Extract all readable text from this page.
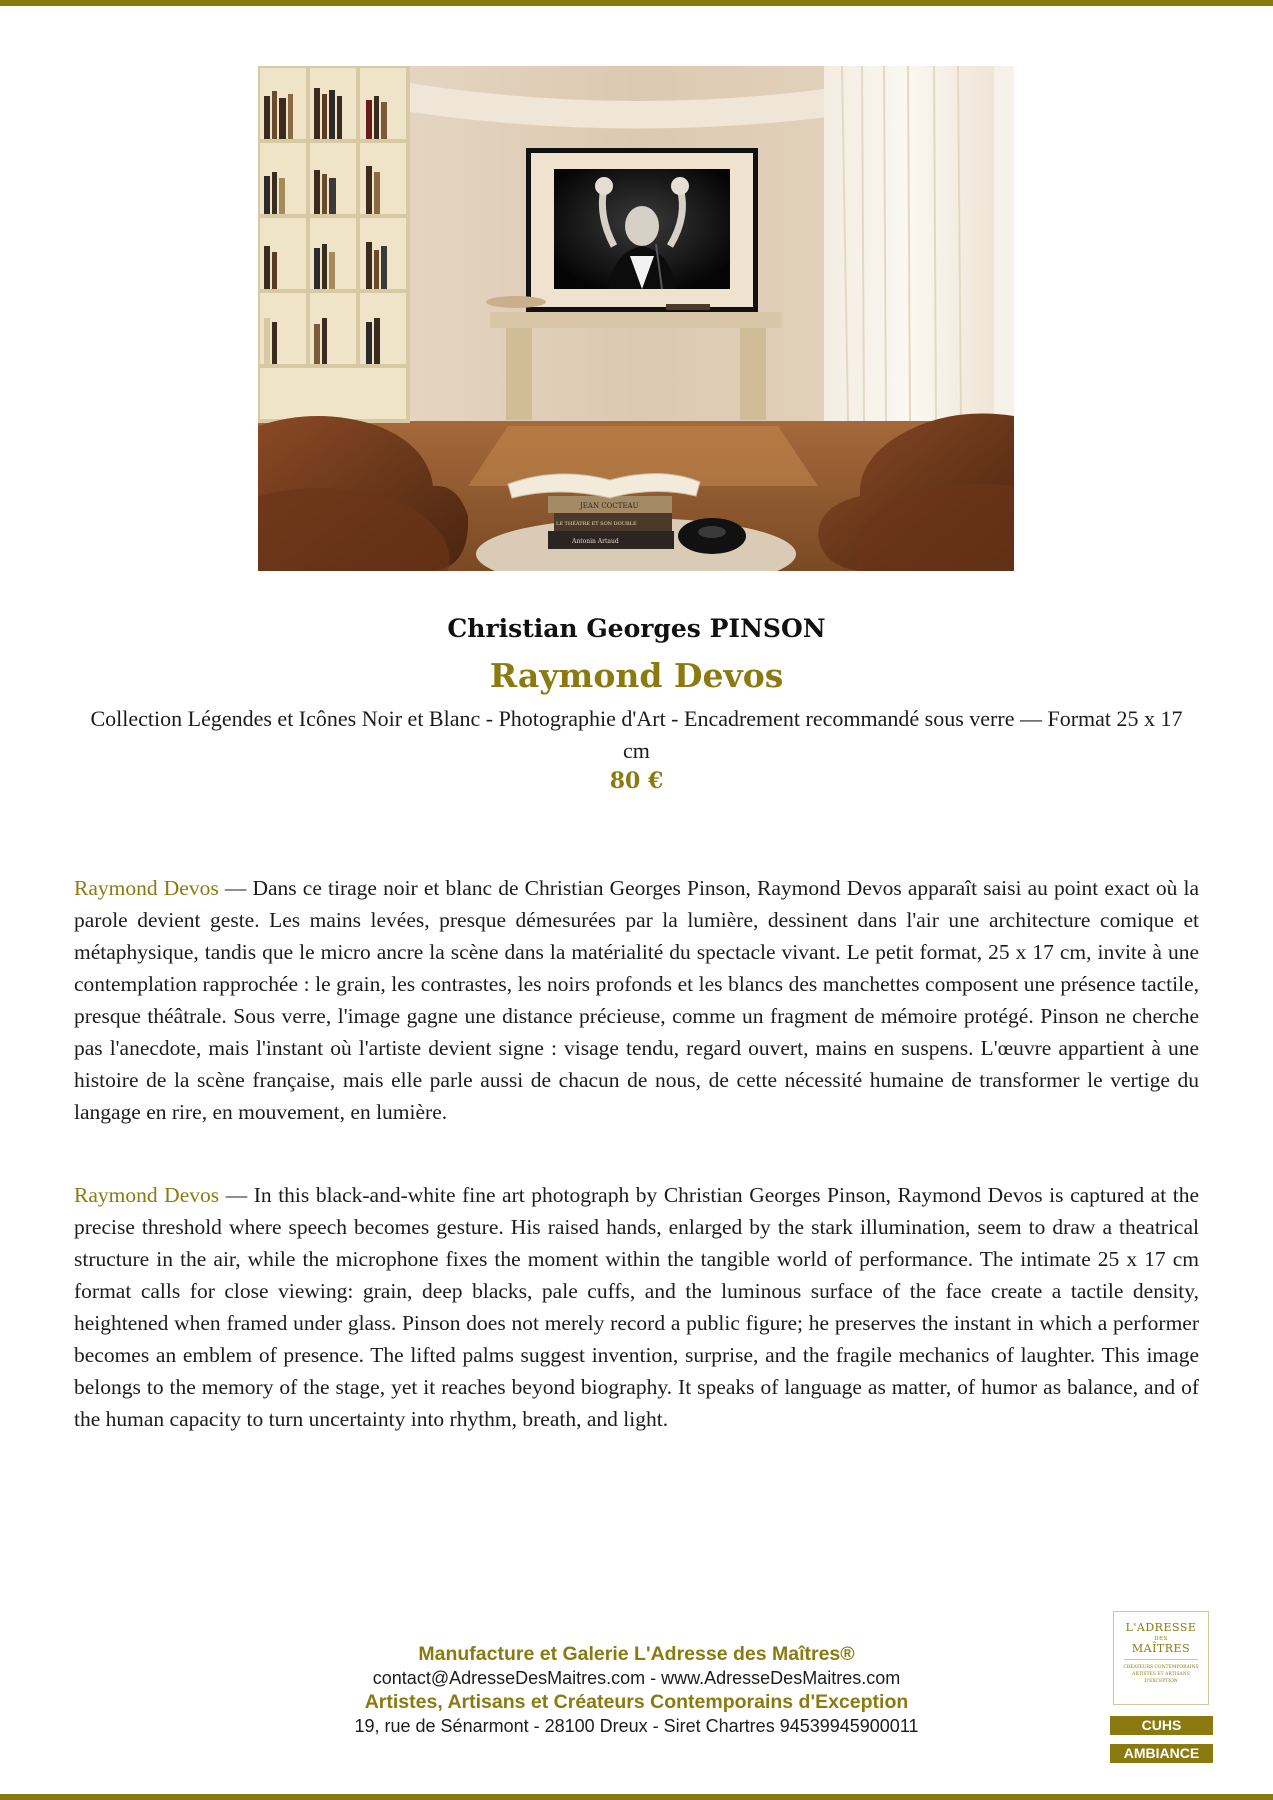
JEAN COCTEAU
LE THÉÂTRE ET SON DOUBLE
Antonin Artaud
Christian Georges PINSON
Raymond Devos
Collection Légendes et Icônes Noir et Blanc - Photographie d'Art - Encadrement recommandé sous verre — Format 25 x 17 cm
80 €

Raymond Devos — Dans ce tirage noir et blanc de Christian Georges Pinson, Raymond Devos apparaît saisi au point exact où la parole devient geste. Les mains levées, presque démesurées par la lumière, dessinent dans l'air une architecture comique et métaphysique, tandis que le micro ancre la scène dans la matérialité du spectacle vivant. Le petit format, 25 x 17 cm, invite à une contemplation rapprochée : le grain, les contrastes, les noirs profonds et les blancs des manchettes composent une présence tactile, presque théâtrale. Sous verre, l'image gagne une distance précieuse, comme un fragment de mémoire protégé. Pinson ne cherche pas l'anecdote, mais l'instant où l'artiste devient signe : visage tendu, regard ouvert, mains en suspens. L'œuvre appartient à une histoire de la scène française, mais elle parle aussi de chacun de nous, de cette nécessité humaine de transformer le vertige du langage en rire, en mouvement, en lumière.

Raymond Devos — In this black-and-white fine art photograph by Christian Georges Pinson, Raymond Devos is captured at the precise threshold where speech becomes gesture. His raised hands, enlarged by the stark illumination, seem to draw a theatrical structure in the air, while the microphone fixes the moment within the tangible world of performance. The intimate 25 x 17 cm format calls for close viewing: grain, deep blacks, pale cuffs, and the luminous surface of the face create a tactile density, heightened when framed under glass. Pinson does not merely record a public figure; he preserves the instant in which a performer becomes an emblem of presence. The lifted palms suggest invention, surprise, and the fragile mechanics of laughter. This image belongs to the memory of the stage, yet it reaches beyond biography. It speaks of language as matter, of humor as balance, and of the human capacity to turn uncertainty into rhythm, breath, and light.

Manufacture et Galerie L'Adresse des Maîtres®
contact@AdresseDesMaitres.com - www.AdresseDesMaitres.com
Artistes, Artisans et Créateurs Contemporains d'Exception
19, rue de Sénarmont - 28100 Dreux - Siret Chartres 94539945900011
L'ADRESSE
DES
MAÎTRES
CRÉATEURS CONTEMPORAINS ARTISTES ET ARTISANS D'EXCEPTION
CUHS
AMBIANCE
